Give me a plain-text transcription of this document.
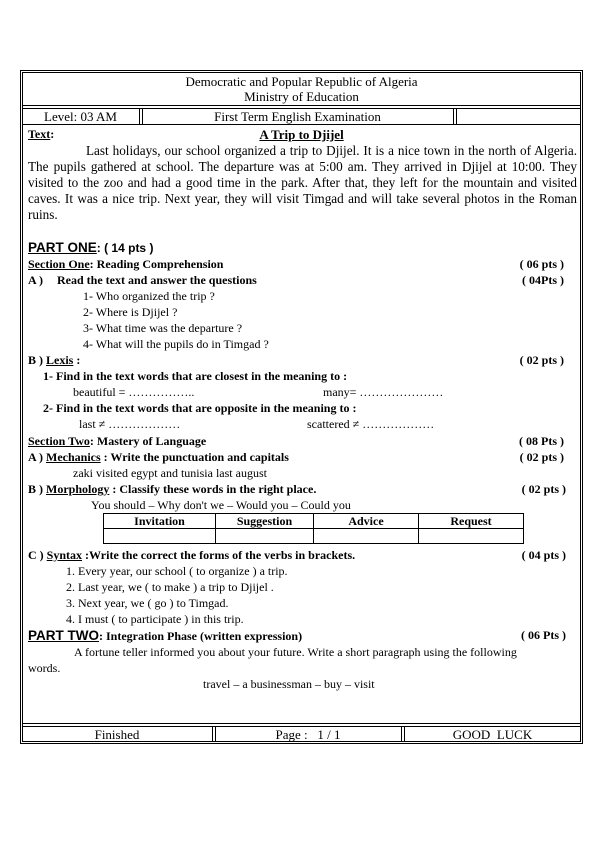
Democratic and Popular Republic of Algeria
Ministry of Education
Level: 03 AM	First Term English Examination
Text:	A Trip to Djijel
Last holidays, our school organized a trip to Djijel. It is a nice town in the north of Algeria. The pupils gathered at school. The departure was at 5:00 am. They arrived in Djijel at 10:00. They visited to the zoo and had a good time in the park. After that, they left for the mountain and visited caves. It was a nice trip. Next year, they will visit Timgad and will take several photos in the Roman ruins.
PART ONE: ( 14 pts )
Section One: Reading Comprehension	( 06 pts )
A ) Read the text and answer the questions	( 04Pts )
1- Who organized the trip ?
2- Where is Djijel ?
3- What time was the departure ?
4- What will the pupils do in Timgad ?
B ) Lexis :	( 02 pts )
1- Find in the text words that are closest in the meaning to :
beautiful = ……………..	many= …………………
2- Find in the text words that are opposite in the meaning to :
last ≠ ………………	scattered ≠ ………………
Section Two: Mastery of Language	( 08 Pts )
A ) Mechanics : Write the punctuation and capitals	( 02 pts )
zaki visited egypt and tunisia last august
B ) Morphology : Classify these words in the right place.	( 02 pts )
You should – Why don't we – Would you – Could you
Invitation	Suggestion	Advice	Request

C ) Syntax :Write the correct the forms of the verbs in brackets.	( 04 pts )
1. Every year, our school ( to organize ) a trip.
2. Last year, we ( to make ) a trip to Djijel .
3. Next year, we ( go ) to Timgad.
4. I must ( to participate ) in this trip.
PART TWO: Integration Phase (written expression)	( 06 Pts )
A fortune teller informed you about your future. Write a short paragraph using the following words.
travel – a businessman – buy – visit
Finished	Page :   1 / 1	GOOD  LUCK
